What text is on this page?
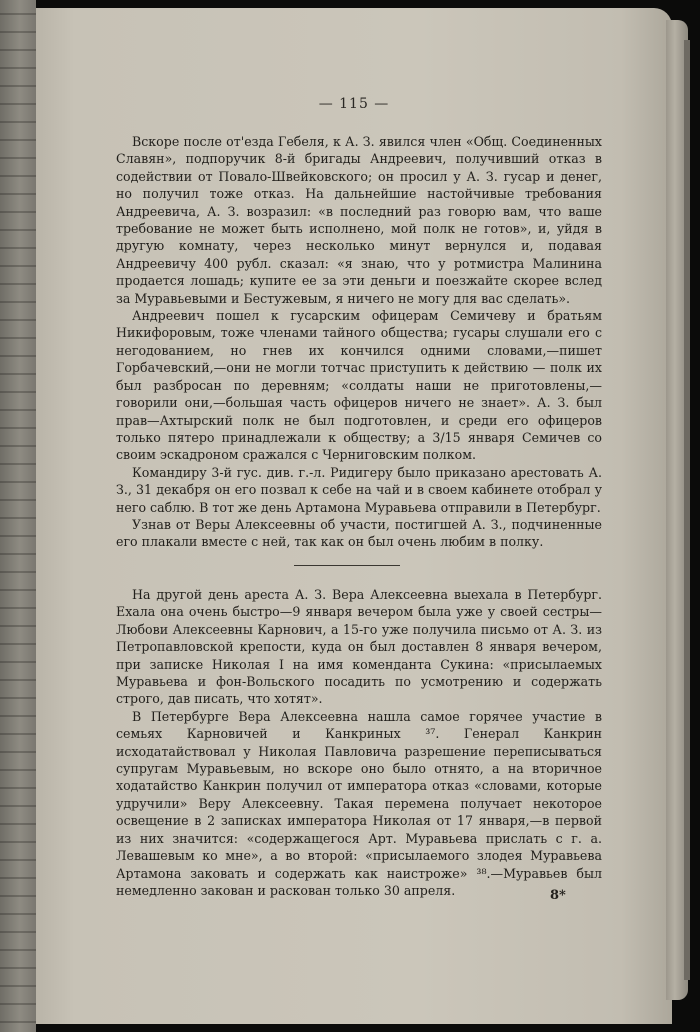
— 115 —

Вскоре после от'езда Гебеля, к А. З. явился член «Общ. Соединенных Славян», подпоручик 8-й бригады Андреевич, получивший отказ в содействии от Повало-Швейковского; он просил у А. З. гусар и денег, но получил тоже отказ. На дальнейшие настойчивые требования Андреевича, А. З. возразил: «в последний раз говорю вам, что ваше требование не может быть исполнено, мой полк не готов», и, уйдя в другую комнату, через несколько минут вернулся и, подавая Андреевичу 400 рубл. сказал: «я знаю, что у ротмистра Малинина продается лошадь; купите ее за эти деньги и поезжайте скорее вслед за Муравьевыми и Бестужевым, я ничего не могу для вас сделать».

Андреевич пошел к гусарским офицерам Семичеву и братьям Никифоровым, тоже членами тайного общества; гусары слушали его с негодованием, но гнев их кончился одними словами,—пишет Горбачевский,—они не могли тотчас приступить к действию — полк их был разбросан по деревням; «солдаты наши не приготовлены,—говорили они,—большая часть офицеров ничего не знает». А. З. был прав—Ахтырский полк не был подготовлен, и среди его офицеров только пятеро принадлежали к обществу; а 3/15 января Семичев со своим эскадроном сражался с Черниговским полком.

Командиру 3-й гус. див. г.-л. Ридигеру было приказано арестовать А. З., 31 декабря он его позвал к себе на чай и в своем кабинете отобрал у него саблю. В тот же день Артамона Муравьева отправили в Петербург.

Узнав от Веры Алексеевны об участи, постигшей А. З., подчиненные его плакали вместе с ней, так как он был очень любим в полку.

На другой день ареста А. З. Вера Алексеевна выехала в Петербург. Ехала она очень быстро—9 января вечером была уже у своей сестры—Любови Алексеевны Карнович, а 15-го уже получила письмо от А. З. из Петропавловской крепости, куда он был доставлен 8 января вечером, при записке Николая I на имя коменданта Сукина: «присылаемых Муравьева и фон-Вольского посадить по усмотрению и содержать строго, дав писать, что хотят».

В Петербурге Вера Алексеевна нашла самое горячее участие в семьях Карновичей и Канкриных ³⁷. Генерал Канкрин исходатайствовал у Николая Павловича разрешение переписываться супругам Муравьевым, но вскоре оно было отнято, а на вторичное ходатайство Канкрин получил от императора отказ «словами, которые удручили» Веру Алексеевну. Такая перемена получает некоторое освещение в 2 записках императора Николая от 17 января,—в первой из них значится: «содержащегося Арт. Муравьева прислать с г. а. Левашевым ко мне», а во второй: «присылаемого злодея Муравьева Артамона заковать и содержать как наистрожe» ³⁸.—Муравьев был немедленно закован и раскован только 30 апреля.	8*
